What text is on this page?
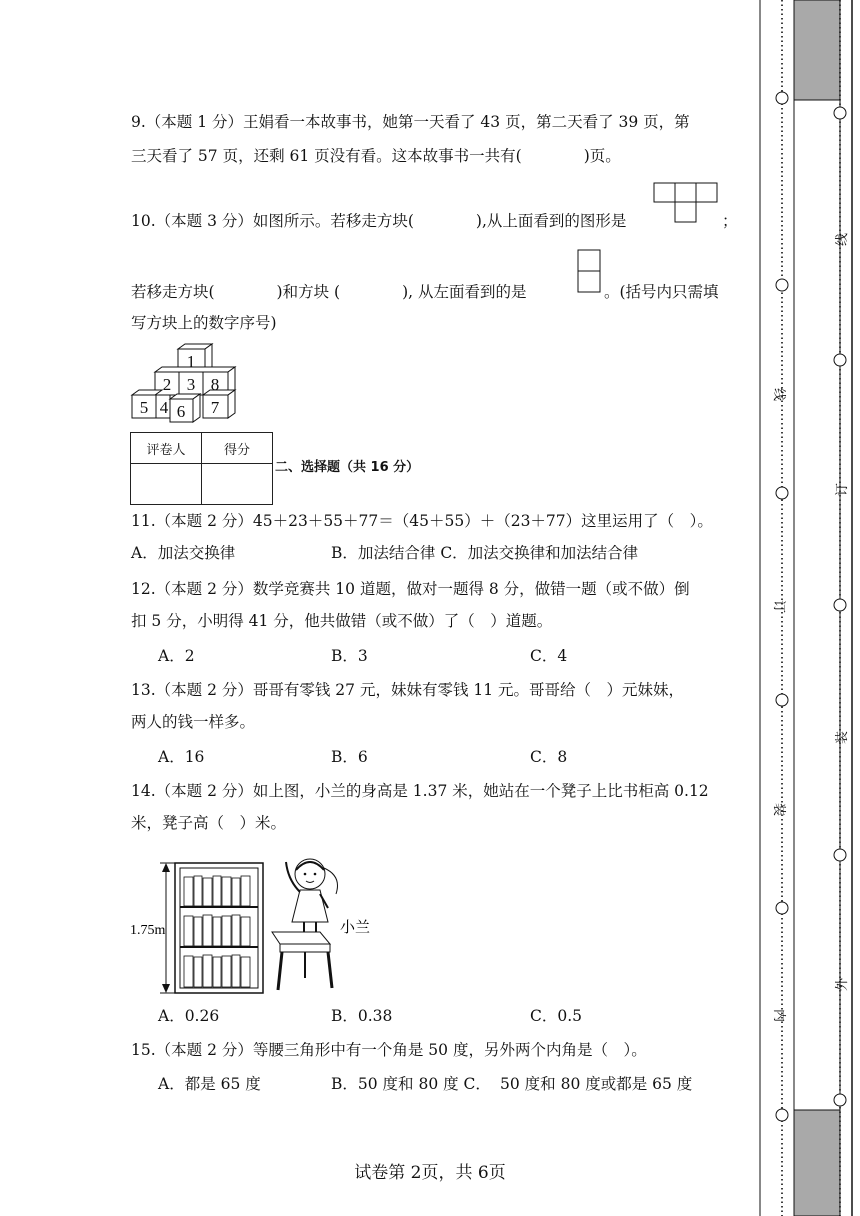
9.（本题 1 分）王娟看一本故事书，她第一天看了 43 页，第二天看了 39 页，第
三天看了 57 页，还剩 61 页没有看。这本故事书一共有(　　　　)页。
10.（本题 3 分）如图所示。若移走方块(　　　　),从上面看到的图形是	；
若移走方块(　　　　)和方块 (　　　　), 从左面看到的是	。(括号内只需填
写方块上的数字序号)
1
2 3 8
5 4 6 7
评卷人	得分

二、选择题（共 16 分）
11.（本题 2 分）45＋23＋55＋77＝（45＋55）＋（23＋77）这里运用了（　）。
A．加法交换律	B．加法结合律 C．加法交换律和加法结合律
12.（本题 2 分）数学竞赛共 10 道题，做对一题得 8 分，做错一题（或不做）倒
扣 5 分，小明得 41 分，他共做错（或不做）了（　）道题。
A．2	B．3	C．4
13.（本题 2 分）哥哥有零钱 27 元，妹妹有零钱 11 元。哥哥给（　）元妹妹，
两人的钱一样多。
A．16	B．6	C．8
14.（本题 2 分）如上图，小兰的身高是 1.37 米，她站在一个凳子上比书柜高 0.12
米，凳子高（　）米。
1.75m	小兰
A．0.26	B．0.38	C．0.5
15.（本题 2 分）等腰三角形中有一个角是 50 度，另外两个内角是（　）。
A．都是 65 度	B．50 度和 80 度 C． 50 度和 80 度或都是 65 度
试卷第 2页，共 6页
线
订
装
内
线
订
装
外
